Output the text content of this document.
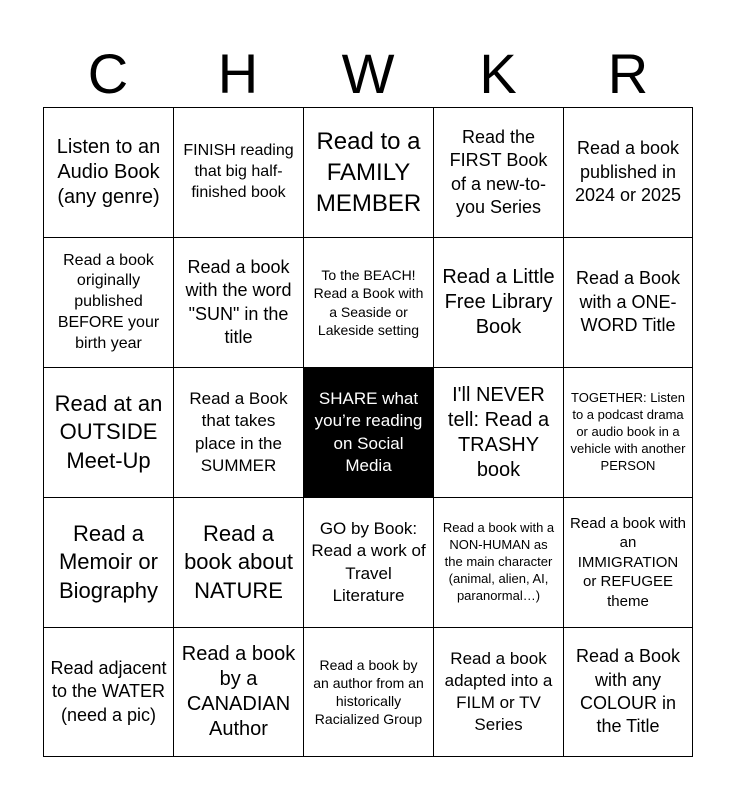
C	H	W	K	R
Listen to an Audio Book (any genre)
FINISH reading that big half-finished book
Read to a FAMILY MEMBER
Read the FIRST Book of a new-to-you Series
Read a book published in 2024 or 2025
Read a book originally published BEFORE your birth year
Read a book with the word "SUN" in the title
To the BEACH! Read a Book with a Seaside or Lakeside setting
Read a Little Free Library Book
Read a Book with a ONE-WORD Title
Read at an OUTSIDE Meet-Up
Read a Book that takes place in the SUMMER
SHARE what you’re reading on Social Media
I'll NEVER tell: Read a TRASHY book
TOGETHER: Listen to a podcast drama or audio book in a vehicle with another PERSON
Read a Memoir or Biography
Read a book about NATURE
GO by Book: Read a work of Travel Literature
Read a book with a NON-HUMAN as the main character (animal, alien, AI, paranormal…)
Read a book with an IMMIGRATION or REFUGEE theme
Read adjacent to the WATER (need a pic)
Read a book by a CANADIAN Author
Read a book by an author from an historically Racialized Group
Read a book adapted into a FILM or TV Series
Read a Book with any COLOUR in the Title
